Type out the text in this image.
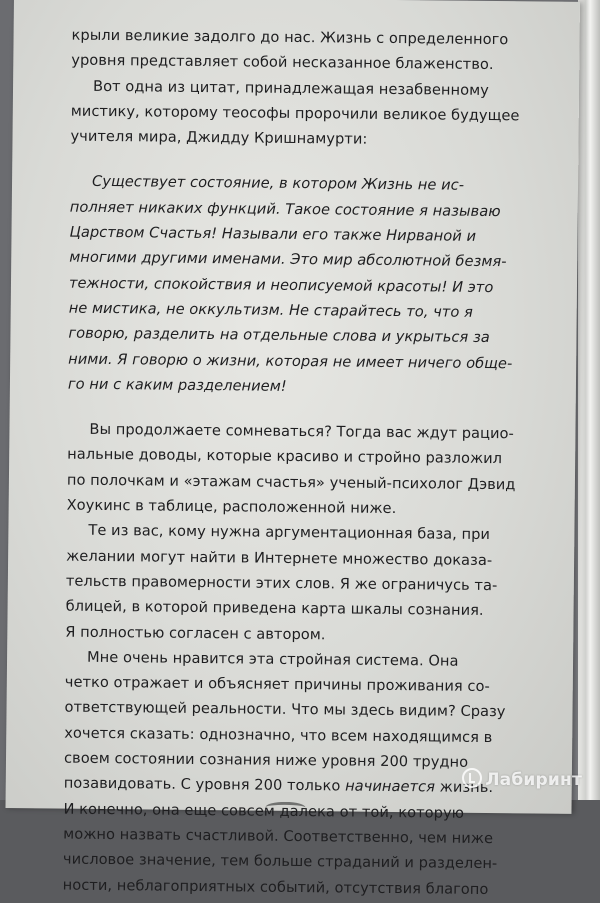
крыли великие задолго до нас. Жизнь с определенного
уровня представляет собой несказанное блаженство.
Вот одна из цитат, принадлежащая незабвенному
мистику, которому теософы пророчили великое будущее
учителя мира, Джидду Кришнамурти:
Существует состояние, в котором Жизнь не ис-
полняет никаких функций. Такое состояние я называю
Царством Счастья! Называли его также Нирваной и
многими другими именами. Это мир абсолютной безмя-
тежности, спокойствия и неописуемой красоты! И это
не мистика, не оккультизм. Не старайтесь то, что я
говорю, разделить на отдельные слова и укрыться за
ними. Я говорю о жизни, которая не имеет ничего обще-
го ни с каким разделением!
Вы продолжаете сомневаться? Тогда вас ждут рацио-
нальные доводы, которые красиво и стройно разложил
по полочкам и «этажам счастья» ученый-психолог Дэвид
Хоукинс в таблице, расположенной ниже.
Те из вас, кому нужна аргументационная база, при
желании могут найти в Интернете множество доказа-
тельств правомерности этих слов. Я же ограничусь та-
блицей, в которой приведена карта шкалы сознания.
Я полностью согласен с автором.
Мне очень нравится эта стройная система. Она
четко отражает и объясняет причины проживания со-
ответствующей реальности. Что мы здесь видим? Сразу
хочется сказать: однозначно, что всем находящимся в
своем состоянии сознания ниже уровня 200 трудно
позавидовать. С уровня 200 только начинается жизнь.
И конечно, она еще совсем далека от той, которую
можно назвать счастливой. Соответственно, чем ниже
числовое значение, тем больше страданий и разделен-
ности, неблагоприятных событий, отсутствия благопо
Лабиринт
